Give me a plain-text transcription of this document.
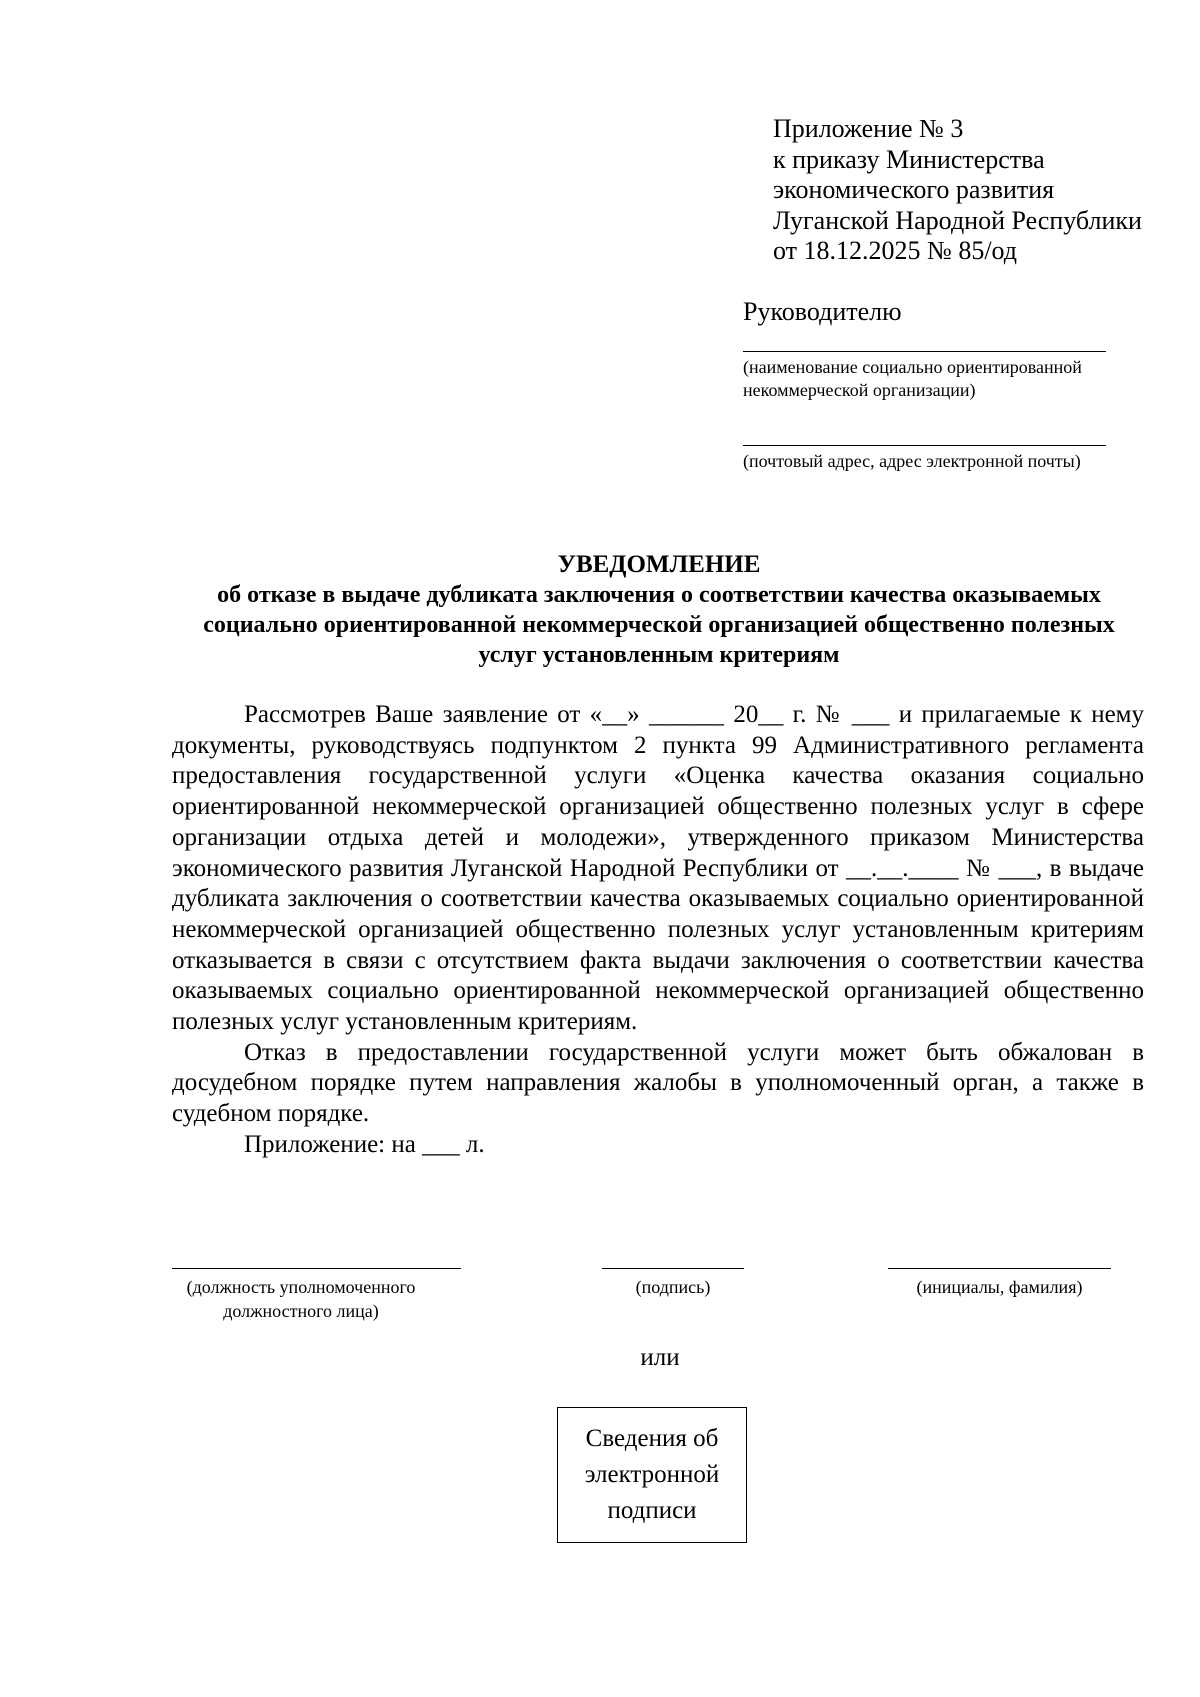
Приложение № 3
к приказу Министерства
экономического развития
Луганской Народной Республики
от 18.12.2025 № 85/од
Руководителю
(наименование социально ориентированной
некоммерческой организации)
(почтовый адрес, адрес электронной почты)
УВЕДОМЛЕНИЕ
об отказе в выдаче дубликата заключения о соответствии качества оказываемых социально ориентированной некоммерческой организацией общественно полезных услуг установленным критериям

Рассмотрев Ваше заявление от «__» ______ 20__ г. № ___ и прилагаемые к нему документы, руководствуясь подпунктом 2 пункта 99 Административного регламента предоставления государственной услуги «Оценка качества оказания социально ориентированной некоммерческой организацией общественно полезных услуг в сфере организации отдыха детей и молодежи», утвержденного приказом Министерства экономического развития Луганской Народной Республики от __.__.____ № ___, в выдаче дубликата заключения о соответствии качества оказываемых социально ориентированной некоммерческой организацией общественно полезных услуг установленным критериям отказывается в связи с отсутствием факта выдачи заключения о соответствии качества оказываемых социально ориентированной некоммерческой организацией общественно полезных услуг установленным критериям.

Отказ в предоставлении государственной услуги может быть обжалован в досудебном порядке путем направления жалобы в уполномоченный орган, а также в судебном порядке.

Приложение: на ___ л.

(должность уполномоченного
должностного лица)
(подпись)	(инициалы, фамилия)
или
Сведения об
электронной
подписи
